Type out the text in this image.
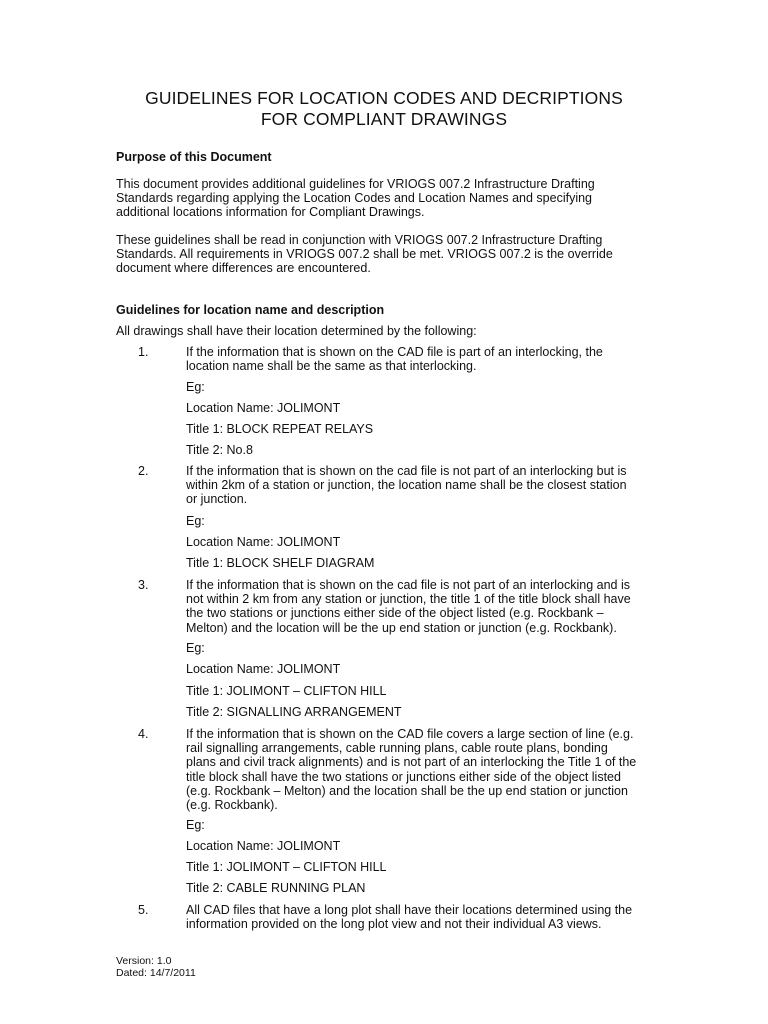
GUIDELINES FOR LOCATION CODES AND DECRIPTIONS
FOR COMPLIANT DRAWINGS
Purpose of this Document
This document provides additional guidelines for VRIOGS 007.2 Infrastructure Drafting
Standards regarding applying the Location Codes and Location Names and specifying
additional locations information for Compliant Drawings.
These guidelines shall be read in conjunction with VRIOGS 007.2 Infrastructure Drafting
Standards. All requirements in VRIOGS 007.2 shall be met. VRIOGS 007.2 is the override
document where differences are encountered.
Guidelines for location name and description
All drawings shall have their location determined by the following:
1.	If the information that is shown on the CAD file is part of an interlocking, the
location name shall be the same as that interlocking.
Eg:
Location Name: JOLIMONT
Title 1: BLOCK REPEAT RELAYS
Title 2: No.8
2.	If the information that is shown on the cad file is not part of an interlocking but is
within 2km of a station or junction, the location name shall be the closest station
or junction.
Eg:
Location Name: JOLIMONT
Title 1: BLOCK SHELF DIAGRAM
3.	If the information that is shown on the cad file is not part of an interlocking and is
not within 2 km from any station or junction, the title 1 of the title block shall have
the two stations or junctions either side of the object listed (e.g. Rockbank –
Melton) and the location will be the up end station or junction (e.g. Rockbank).
Eg:
Location Name: JOLIMONT
Title 1: JOLIMONT – CLIFTON HILL
Title 2: SIGNALLING ARRANGEMENT
4.	If the information that is shown on the CAD file covers a large section of line (e.g.
rail signalling arrangements, cable running plans, cable route plans, bonding
plans and civil track alignments) and is not part of an interlocking the Title 1 of the
title block shall have the two stations or junctions either side of the object listed
(e.g. Rockbank – Melton) and the location shall be the up end station or junction
(e.g. Rockbank).
Eg:
Location Name: JOLIMONT
Title 1: JOLIMONT – CLIFTON HILL
Title 2: CABLE RUNNING PLAN
5.	All CAD files that have a long plot shall have their locations determined using the
information provided on the long plot view and not their individual A3 views.
Version: 1.0
Dated: 14/7/2011
